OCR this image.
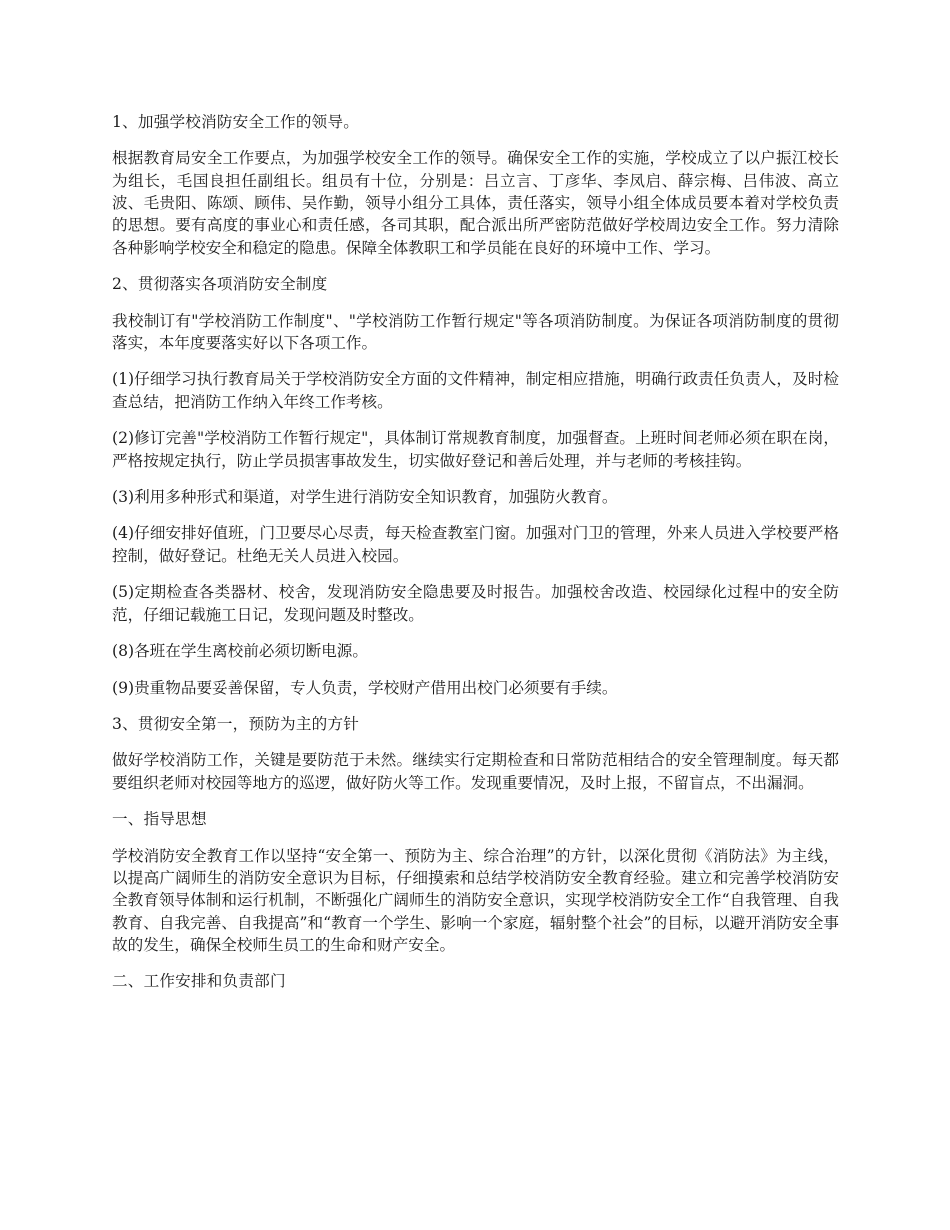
1、加强学校消防安全工作的领导。

根据教育局安全工作要点，为加强学校安全工作的领导。确保安全工作的实施，学校成立了以户振江校长为组长，毛国良担任副组长。组员有十位，分别是：吕立言、丁彦华、李凤启、薛宗梅、吕伟波、高立波、毛贵阳、陈颂、顾伟、吴作勤，领导小组分工具体，责任落实，领导小组全体成员要本着对学校负责的思想。要有高度的事业心和责任感，各司其职，配合派出所严密防范做好学校周边安全工作。努力清除各种影响学校安全和稳定的隐患。保障全体教职工和学员能在良好的环境中工作、学习。

2、贯彻落实各项消防安全制度

我校制订有"学校消防工作制度"、"学校消防工作暂行规定"等各项消防制度。为保证各项消防制度的贯彻落实，本年度要落实好以下各项工作。

(1)仔细学习执行教育局关于学校消防安全方面的文件精神，制定相应措施，明确行政责任负责人，及时检查总结，把消防工作纳入年终工作考核。

(2)修订完善"学校消防工作暂行规定"，具体制订常规教育制度，加强督查。上班时间老师必须在职在岗，严格按规定执行，防止学员损害事故发生，切实做好登记和善后处理，并与老师的考核挂钩。

(3)利用多种形式和渠道，对学生进行消防安全知识教育，加强防火教育。

(4)仔细安排好值班，门卫要尽心尽责，每天检查教室门窗。加强对门卫的管理，外来人员进入学校要严格控制，做好登记。杜绝无关人员进入校园。

(5)定期检查各类器材、校舍，发现消防安全隐患要及时报告。加强校舍改造、校园绿化过程中的安全防范，仔细记载施工日记，发现问题及时整改。

(8)各班在学生离校前必须切断电源。

(9)贵重物品要妥善保留，专人负责，学校财产借用出校门必须要有手续。

3、贯彻安全第一，预防为主的方针

做好学校消防工作，关键是要防范于未然。继续实行定期检查和日常防范相结合的安全管理制度。每天都要组织老师对校园等地方的巡逻，做好防火等工作。发现重要情况，及时上报，不留盲点，不出漏洞。

一、指导思想

学校消防安全教育工作以坚持“安全第一、预防为主、综合治理”的方针，以深化贯彻《消防法》为主线，以提高广阔师生的消防安全意识为目标，仔细摸索和总结学校消防安全教育经验。建立和完善学校消防安全教育领导体制和运行机制，不断强化广阔师生的消防安全意识，实现学校消防安全工作“自我管理、自我教育、自我完善、自我提高”和“教育一个学生、影响一个家庭，辐射整个社会”的目标，以避开消防安全事故的发生，确保全校师生员工的生命和财产安全。

二、工作安排和负责部门
